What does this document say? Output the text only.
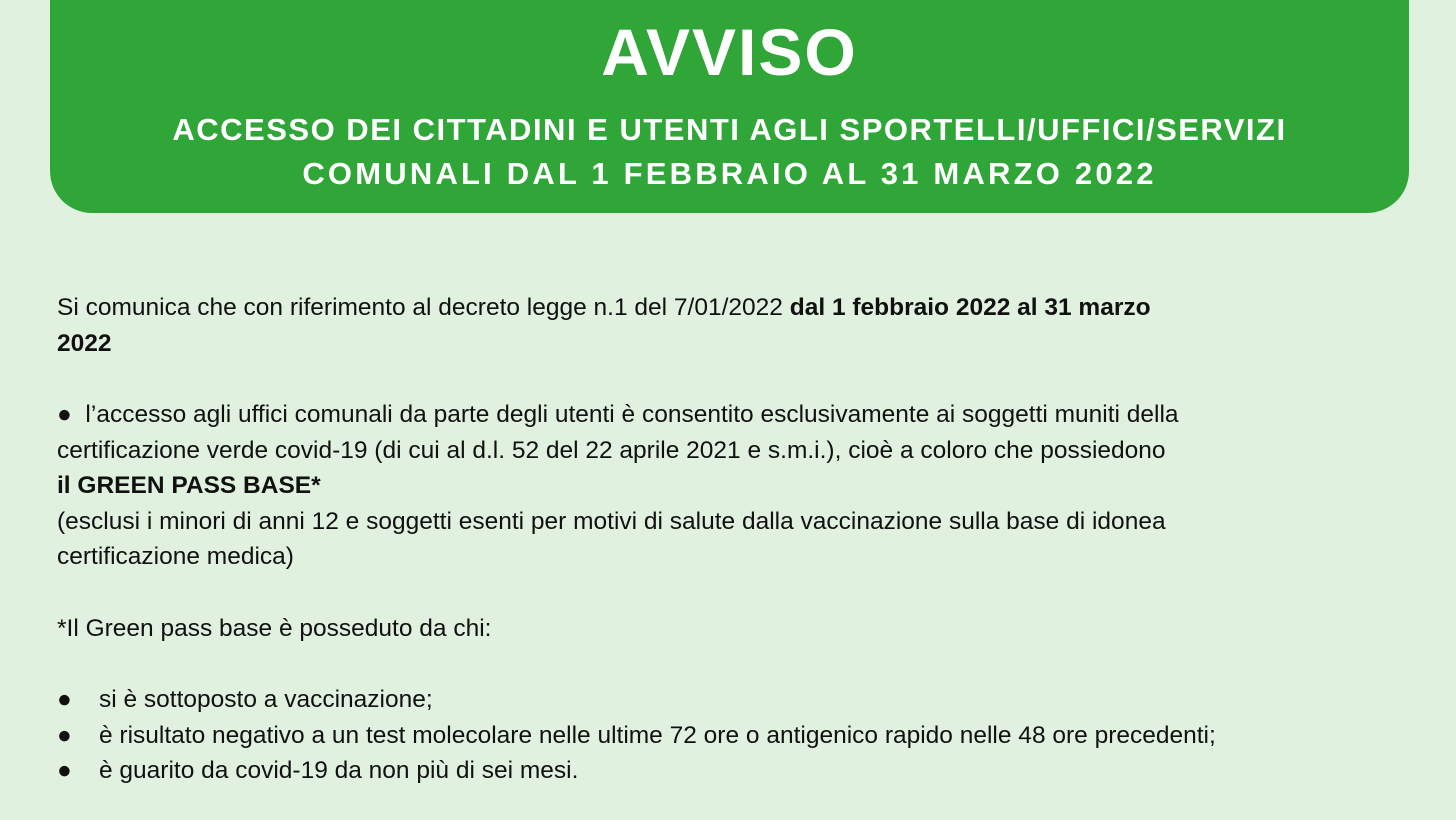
AVVISO
ACCESSO DEI CITTADINI E UTENTI AGLI SPORTELLI/UFFICI/SERVIZI
COMUNALI DAL 1 FEBBRAIO AL 31 MARZO 2022

Si comunica che con riferimento al decreto legge n.1 del 7/01/2022 dal 1 febbraio 2022 al 31 marzo
2022

●  l’accesso agli uffici comunali da parte degli utenti è consentito esclusivamente ai soggetti muniti della
certificazione verde covid-19 (di cui al d.l. 52 del 22 aprile 2021 e s.m.i.), cioè a coloro che possiedono
il GREEN PASS BASE*
(esclusi i minori di anni 12 e soggetti esenti per motivi di salute dalla vaccinazione sulla base di idonea
certificazione medica)
*Il Green pass base è posseduto da chi:
●	si è sottoposto a vaccinazione;
●	è risultato negativo a un test molecolare nelle ultime 72 ore o antigenico rapido nelle 48 ore precedenti;
●	è guarito da covid-19 da non più di sei mesi.
